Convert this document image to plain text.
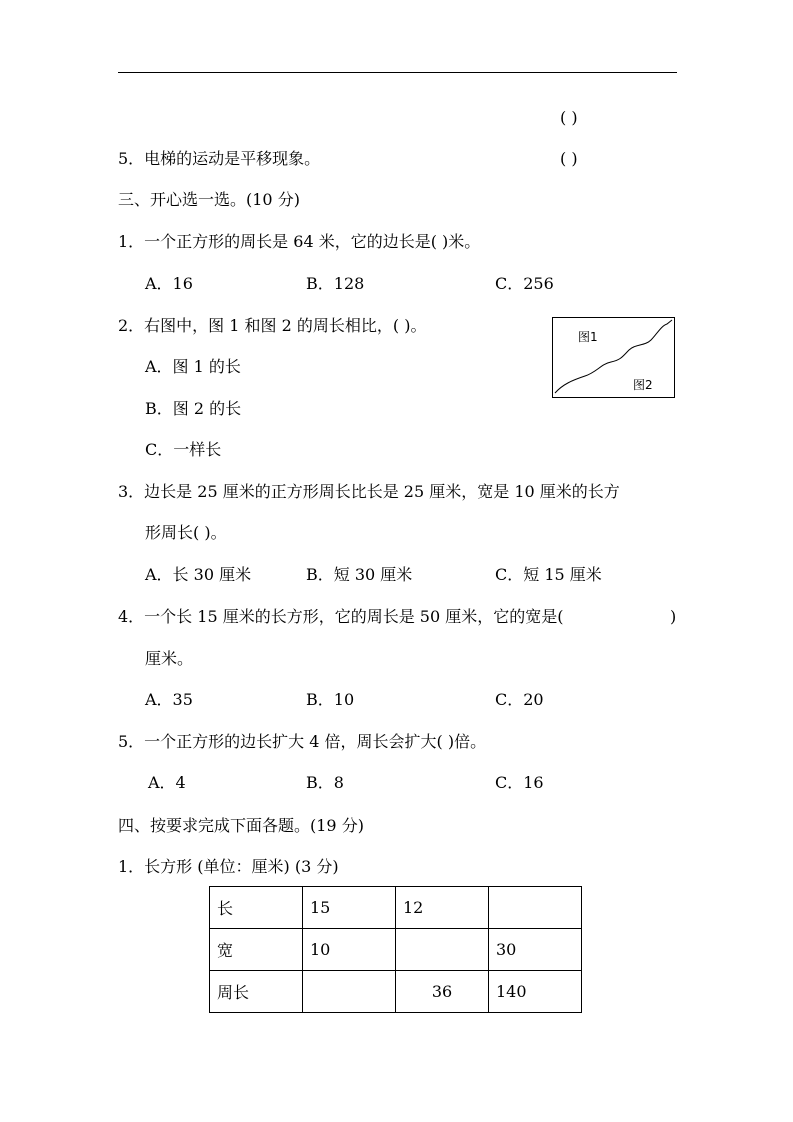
( )
5．电梯的运动是平移现象。	( )
三、开心选一选。(10 分)
1．一个正方形的周长是 64 米，它的边长是( )米。
A．16	B．128	C．256
2．右图中，图 1 和图 2 的周长相比，( )。
A．图 1 的长
B．图 2 的长
C．一样长
图1
图2
3．边长是 25 厘米的正方形周长比长是 25 厘米，宽是 10 厘米的长方
形周长( )。
A．长 30 厘米	B．短 30 厘米	C．短 15 厘米
4．一个长 15 厘米的长方形，它的周长是 50 厘米，它的宽是(	)
厘米。
A．35	B．10	C．20
5．一个正方形的边长扩大 4 倍，周长会扩大( )倍。
A．4	B．8	C．16
四、按要求完成下面各题。(19 分)
1．长方形 (单位：厘米) (3 分)
长	15	12	
宽	10		30
周长		36	140
